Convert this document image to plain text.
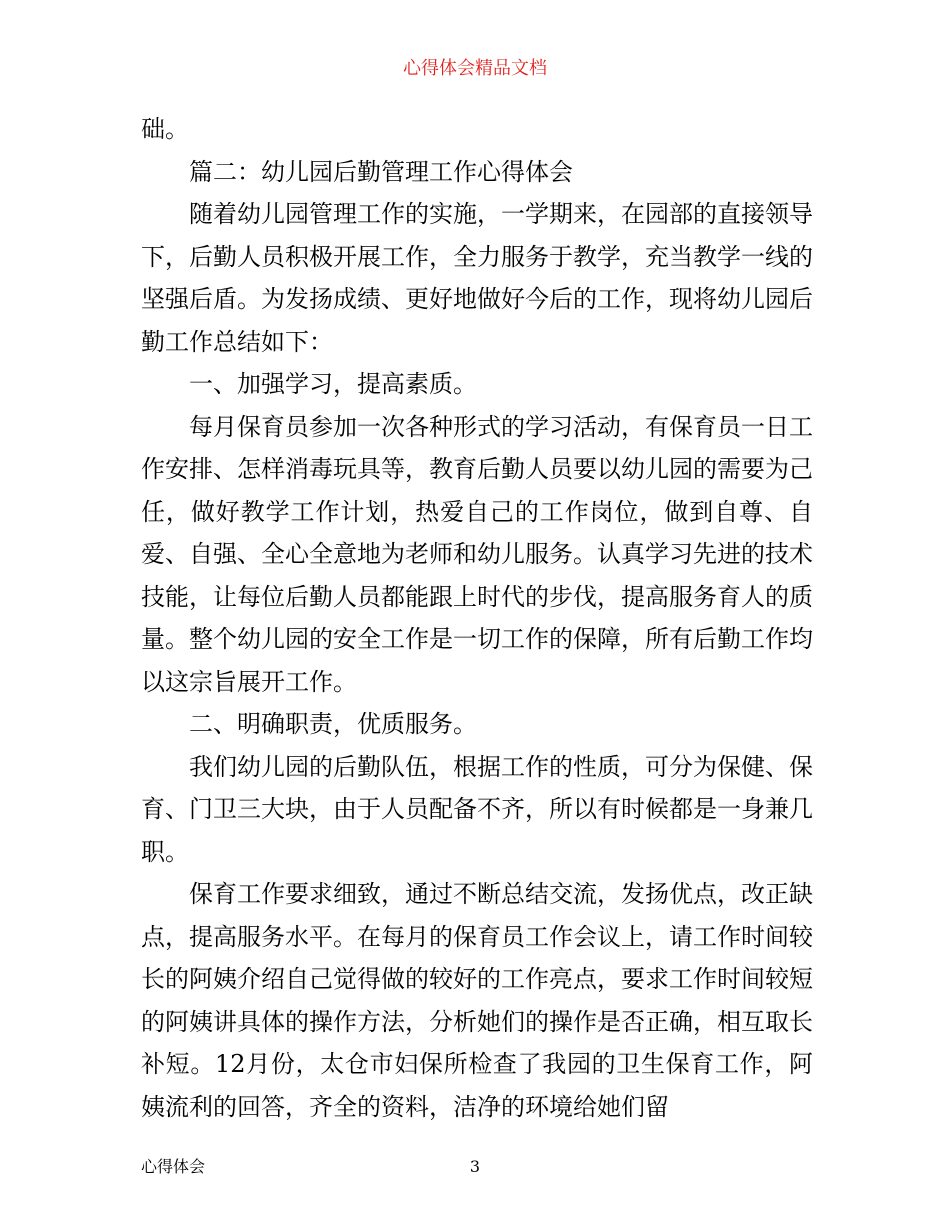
心得体会精品文档

础。

篇二：幼儿园后勤管理工作心得体会

随着幼儿园管理工作的实施，一学期来，在园部的直接领导下，后勤人员积极开展工作，全力服务于教学，充当教学一线的坚强后盾。为发扬成绩、更好地做好今后的工作，现将幼儿园后勤工作总结如下：

一、加强学习，提高素质。

每月保育员参加一次各种形式的学习活动，有保育员一日工作安排、怎样消毒玩具等，教育后勤人员要以幼儿园的需要为己任，做好教学工作计划，热爱自己的工作岗位，做到自尊、自爱、自强、全心全意地为老师和幼儿服务。认真学习先进的技术技能，让每位后勤人员都能跟上时代的步伐，提高服务育人的质量。整个幼儿园的安全工作是一切工作的保障，所有后勤工作均以这宗旨展开工作。

二、明确职责，优质服务。

我们幼儿园的后勤队伍，根据工作的性质，可分为保健、保育、门卫三大块，由于人员配备不齐，所以有时候都是一身兼几职。

保育工作要求细致，通过不断总结交流，发扬优点，改正缺点，提高服务水平。在每月的保育员工作会议上，请工作时间较长的阿姨介绍自己觉得做的较好的工作亮点，要求工作时间较短的阿姨讲具体的操作方法，分析她们的操作是否正确，相互取长补短。12月份，太仓市妇保所检查了我园的卫生保育工作，阿姨流利的回答，齐全的资料，洁净的环境给她们留

心得体会	3
